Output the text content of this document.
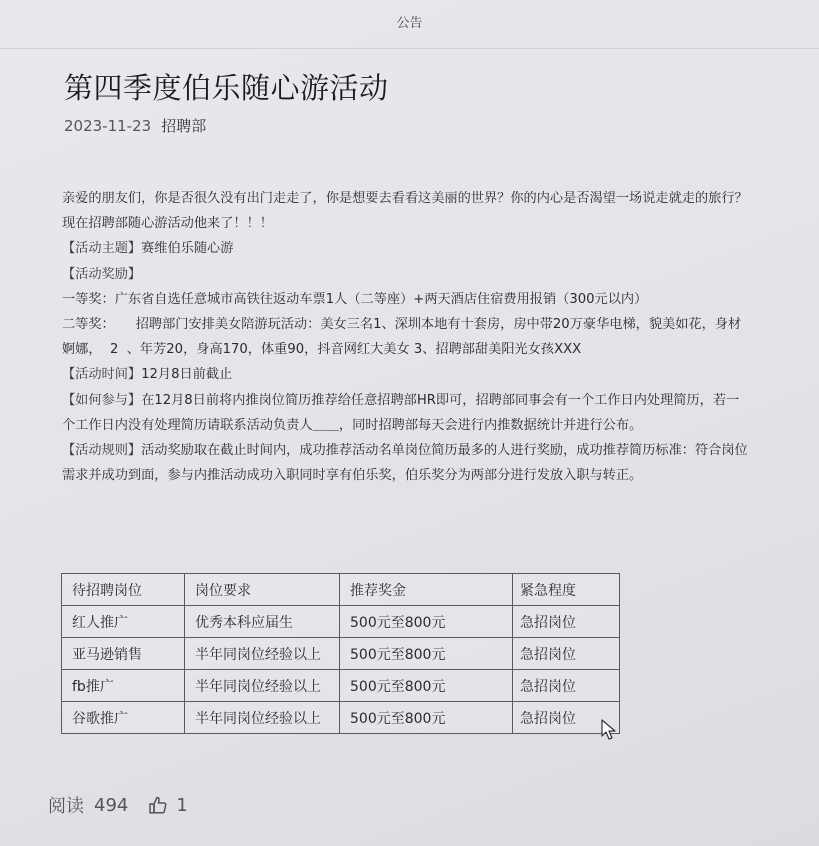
公告
第四季度伯乐随心游活动
2023-11-23 招聘部

亲爱的朋友们，你是否很久没有出门走走了，你是想要去看看这美丽的世界？你的内心是否渴望一场说走就走的旅行？现在招聘部随心游活动他来了！！！

【活动主题】赛维伯乐随心游

【活动奖励】

一等奖：广东省自选任意城市高铁往返动车票1人（二等座）+两天酒店住宿费用报销（300元以内）

二等奖：     招聘部门安排美女陪游玩活动：美女三名1、深圳本地有十套房，房中带20万豪华电梯，貌美如花，身材婀娜，  2  、年芳20，身高170，体重90，抖音网红大美女 3、招聘部甜美阳光女孩XXX

【活动时间】12月8日前截止

【如何参与】在12月8日前将内推岗位简历推荐给任意招聘部HR即可，招聘部同事会有一个工作日内处理简历，若一个工作日内没有处理简历请联系活动负责人＿＿，同时招聘部每天会进行内推数据统计并进行公布。

【活动规则】活动奖励取在截止时间内，成功推荐活动名单岗位简历最多的人进行奖励，成功推荐简历标准：符合岗位需求并成功到面，参与内推活动成功入职同时享有伯乐奖，伯乐奖分为两部分进行发放入职与转正。

待招聘岗位	岗位要求	推荐奖金	紧急程度
红人推广	优秀本科应届生	500元至800元	急招岗位
亚马逊销售	半年同岗位经验以上	500元至800元	急招岗位
fb推广	半年同岗位经验以上	500元至800元	急招岗位
谷歌推广	半年同岗位经验以上	500元至800元	急招岗位
阅读 494	1
